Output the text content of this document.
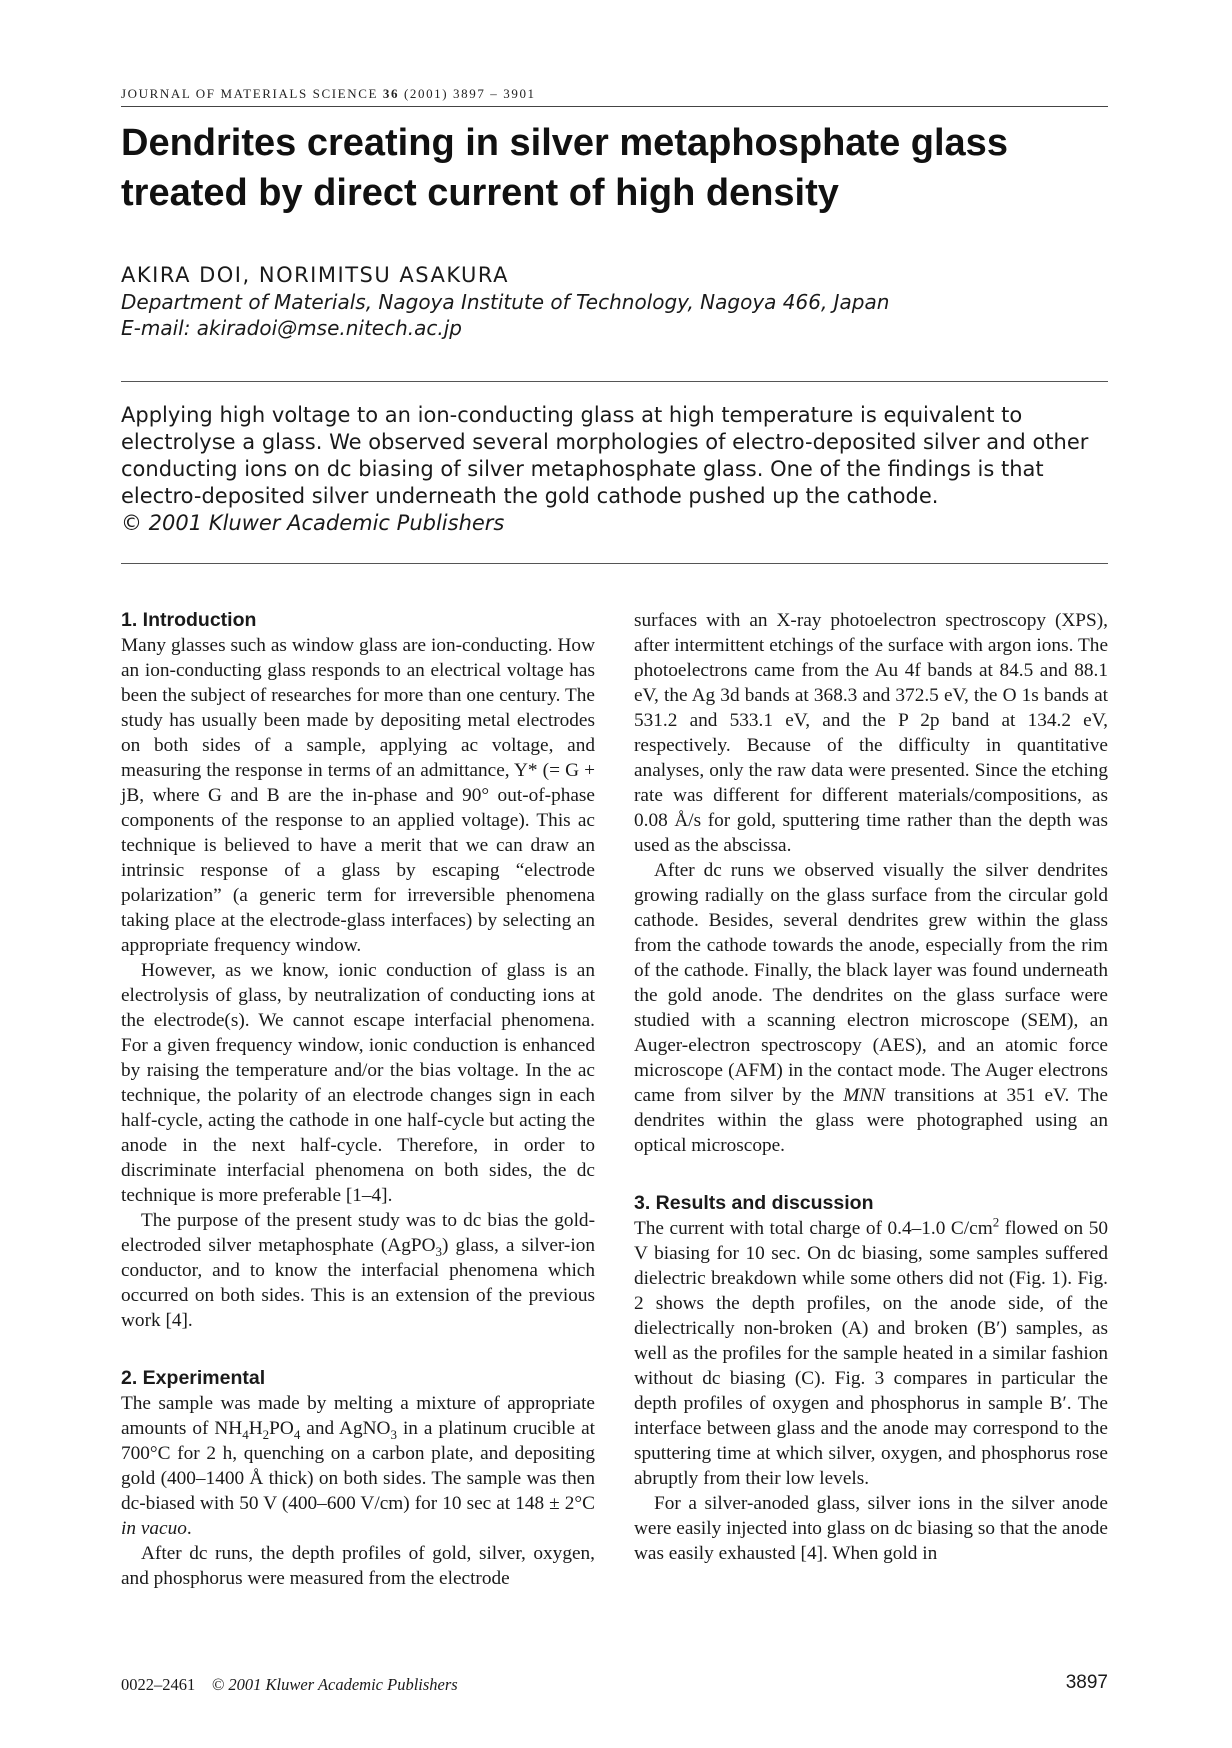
JOURNAL OF MATERIALS SCIENCE 36 (2001) 3897 – 3901
Dendrites creating in silver metaphosphate glass treated by direct current of high density
AKIRA DOI, NORIMITSU ASAKURA
Department of Materials, Nagoya Institute of Technology, Nagoya 466, Japan
E-mail: akiradoi@mse.nitech.ac.jp
Applying high voltage to an ion-conducting glass at high temperature is equivalent to electrolyse a glass. We observed several morphologies of electro-deposited silver and other conducting ions on dc biasing of silver metaphosphate glass. One of the findings is that electro-deposited silver underneath the gold cathode pushed up the cathode.
© 2001 Kluwer Academic Publishers
1. Introduction

Many glasses such as window glass are ion-conducting. How an ion-conducting glass responds to an electrical voltage has been the subject of researches for more than one century. The study has usually been made by depositing metal electrodes on both sides of a sample, applying ac voltage, and measuring the response in terms of an admittance, Y* (= G + jB, where G and B are the in-phase and 90° out-of-phase components of the response to an applied voltage). This ac technique is believed to have a merit that we can draw an intrinsic response of a glass by escaping “electrode polarization” (a generic term for irreversible phenomena taking place at the electrode-glass interfaces) by selecting an appropriate frequency window.

However, as we know, ionic conduction of glass is an electrolysis of glass, by neutralization of conducting ions at the electrode(s). We cannot escape interfacial phenomena. For a given frequency window, ionic conduction is enhanced by raising the temperature and/or the bias voltage. In the ac technique, the polarity of an electrode changes sign in each half-cycle, acting the cathode in one half-cycle but acting the anode in the next half-cycle. Therefore, in order to discriminate interfacial phenomena on both sides, the dc technique is more preferable [1–4].

The purpose of the present study was to dc bias the gold-electroded silver metaphosphate (AgPO$_3$) glass, a silver-ion conductor, and to know the interfacial phenomena which occurred on both sides. This is an extension of the previous work [4].

2. Experimental

The sample was made by melting a mixture of appropriate amounts of $NH_4H_2PO_4$ and AgNO$_3$ in a platinum crucible at 700°C for 2 h, quenching on a carbon plate, and depositing gold (400–1400 Å thick) on both sides. The sample was then dc-biased with 50 V (400–600 V/cm) for 10 sec at 148 ± 2°C in vacuo.

After dc runs, the depth profiles of gold, silver, oxygen, and phosphorus were measured from the electrode

surfaces with an X-ray photoelectron spectroscopy (XPS), after intermittent etchings of the surface with argon ions. The photoelectrons came from the Au 4f bands at 84.5 and 88.1 eV, the Ag 3d bands at 368.3 and 372.5 eV, the O 1s bands at 531.2 and 533.1 eV, and the P 2p band at 134.2 eV, respectively. Because of the difficulty in quantitative analyses, only the raw data were presented. Since the etching rate was different for different materials/compositions, as 0.08 Å/s for gold, sputtering time rather than the depth was used as the abscissa.

After dc runs we observed visually the silver dendrites growing radially on the glass surface from the circular gold cathode. Besides, several dendrites grew within the glass from the cathode towards the anode, especially from the rim of the cathode. Finally, the black layer was found underneath the gold anode. The dendrites on the glass surface were studied with a scanning electron microscope (SEM), an Auger-electron spectroscopy (AES), and an atomic force microscope (AFM) in the contact mode. The Auger electrons came from silver by the MNN transitions at 351 eV. The dendrites within the glass were photographed using an optical microscope.

3. Results and discussion

The current with total charge of 0.4–1.0 $C/cm^2$ flowed on 50 V biasing for 10 sec. On dc biasing, some samples suffered dielectric breakdown while some others did not (Fig. 1). Fig. 2 shows the depth profiles, on the anode side, of the dielectrically non-broken (A) and broken (B′) samples, as well as the profiles for the sample heated in a similar fashion without dc biasing (C). Fig. 3 compares in particular the depth profiles of oxygen and phosphorus in sample B′. The interface between glass and the anode may correspond to the sputtering time at which silver, oxygen, and phosphorus rose abruptly from their low levels.

For a silver-anoded glass, silver ions in the silver anode were easily injected into glass on dc biasing so that the anode was easily exhausted [4]. When gold in

0022–2461    © 2001 Kluwer Academic Publishers	3897
